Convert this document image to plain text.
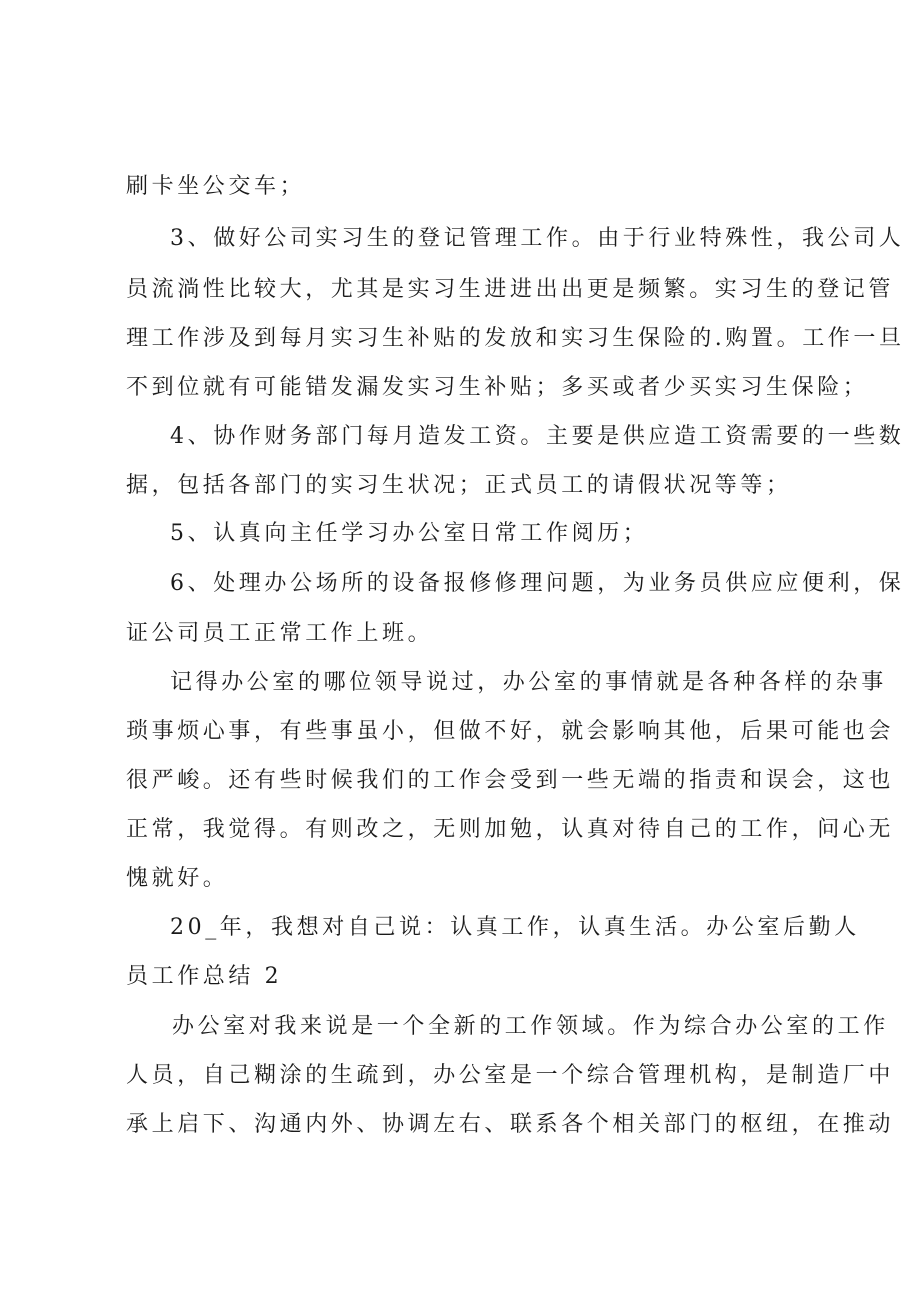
刷卡坐公交车；

3、做好公司实习生的登记管理工作。由于行业特殊性，我公司人

员流淌性比较大，尤其是实习生进进出出更是频繁。实习生的登记管

理工作涉及到每月实习生补贴的发放和实习生保险的.购置。工作一旦

不到位就有可能错发漏发实习生补贴；多买或者少买实习生保险；

4、协作财务部门每月造发工资。主要是供应造工资需要的一些数

据，包括各部门的实习生状况；正式员工的请假状况等等；

5、认真向主任学习办公室日常工作阅历；

6、处理办公场所的设备报修修理问题，为业务员供应应便利，保

证公司员工正常工作上班。

记得办公室的哪位领导说过，办公室的事情就是各种各样的杂事

琐事烦心事，有些事虽小，但做不好，就会影响其他，后果可能也会

很严峻。还有些时候我们的工作会受到一些无端的指责和误会，这也

正常，我觉得。有则改之，无则加勉，认真对待自己的工作，问心无

愧就好。

20_年，我想对自己说：认真工作，认真生活。办公室后勤人

员工作总结 2

办公室对我来说是一个全新的工作领域。作为综合办公室的工作

人员，自己糊涂的生疏到，办公室是一个综合管理机构，是制造厂中

承上启下、沟通内外、协调左右、联系各个相关部门的枢纽，在推动
